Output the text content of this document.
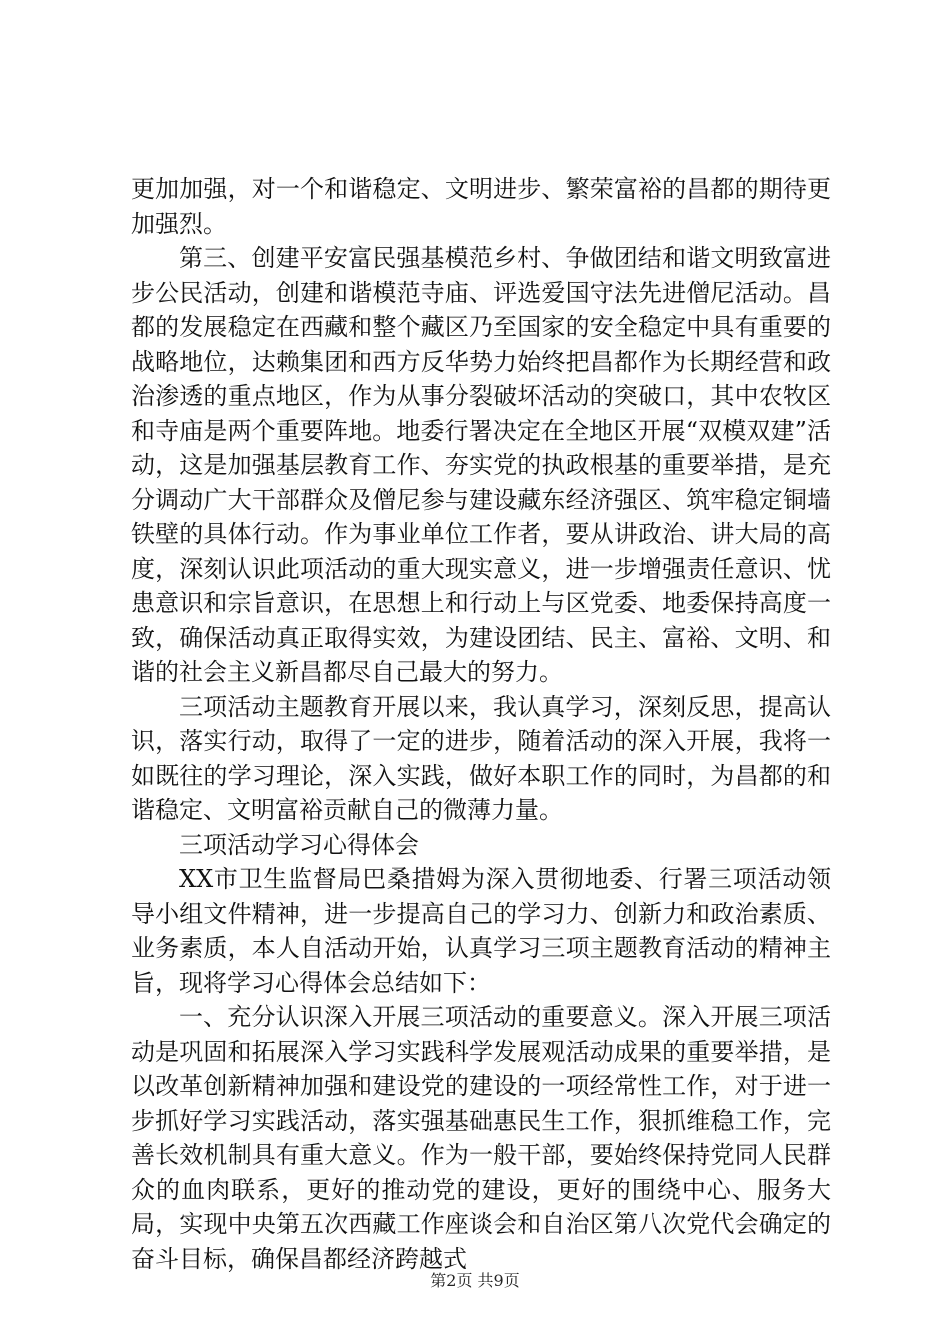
更加加强，对一个和谐稳定、文明进步、繁荣富裕的昌都的期待更加强烈。

第三、创建平安富民强基模范乡村、争做团结和谐文明致富进步公民活动，创建和谐模范寺庙、评选爱国守法先进僧尼活动。昌都的发展稳定在西藏和整个藏区乃至国家的安全稳定中具有重要的战略地位，达赖集团和西方反华势力始终把昌都作为长期经营和政治渗透的重点地区，作为从事分裂破坏活动的突破口，其中农牧区和寺庙是两个重要阵地。地委行署决定在全地区开展“双模双建”活动，这是加强基层教育工作、夯实党的执政根基的重要举措，是充分调动广大干部群众及僧尼参与建设藏东经济强区、筑牢稳定铜墙铁壁的具体行动。作为事业单位工作者，要从讲政治、讲大局的高度，深刻认识此项活动的重大现实意义，进一步增强责任意识、忧患意识和宗旨意识，在思想上和行动上与区党委、地委保持高度一致，确保活动真正取得实效，为建设团结、民主、富裕、文明、和谐的社会主义新昌都尽自己最大的努力。

三项活动主题教育开展以来，我认真学习，深刻反思，提高认识，落实行动，取得了一定的进步，随着活动的深入开展，我将一如既往的学习理论，深入实践，做好本职工作的同时，为昌都的和谐稳定、文明富裕贡献自己的微薄力量。

三项活动学习心得体会

XX市卫生监督局巴桑措姆为深入贯彻地委、行署三项活动领导小组文件精神，进一步提高自己的学习力、创新力和政治素质、业务素质，本人自活动开始，认真学习三项主题教育活动的精神主旨，现将学习心得体会总结如下：

一、充分认识深入开展三项活动的重要意义。深入开展三项活动是巩固和拓展深入学习实践科学发展观活动成果的重要举措，是以改革创新精神加强和建设党的建设的一项经常性工作，对于进一步抓好学习实践活动，落实强基础惠民生工作，狠抓维稳工作，完善长效机制具有重大意义。作为一般干部，要始终保持党同人民群众的血肉联系，更好的推动党的建设，更好的围绕中心、服务大局，实现中央第五次西藏工作座谈会和自治区第八次党代会确定的奋斗目标，确保昌都经济跨越式

第2页 共9页
